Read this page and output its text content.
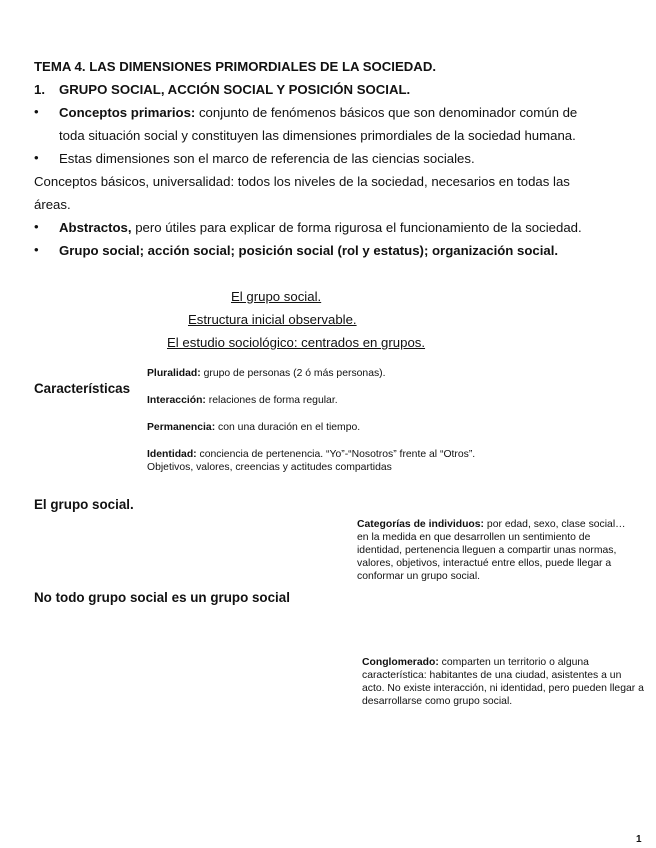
TEMA 4. LAS DIMENSIONES PRIMORDIALES DE LA SOCIEDAD.
1. GRUPO SOCIAL, ACCIÓN SOCIAL Y POSICIÓN SOCIAL.
• Conceptos primarios: conjunto de fenómenos básicos que son denominador común de
toda situación social y constituyen las dimensiones primordiales de la sociedad humana.
• Estas dimensiones son el marco de referencia de las ciencias sociales.
Conceptos básicos, universalidad: todos los niveles de la sociedad, necesarios en todas las
áreas.
• Abstractos, pero útiles para explicar de forma rigurosa el funcionamiento de la sociedad.
• Grupo social; acción social; posición social (rol y estatus); organización social.
El grupo social.
Estructura inicial observable.
El estudio sociológico: centrados en grupos.
Características
Pluralidad: grupo de personas (2 ó más personas).
Interacción: relaciones de forma regular.
Permanencia: con una duración en el tiempo.
Identidad: conciencia de pertenencia. “Yo”-“Nosotros” frente al “Otros”. Objetivos, valores, creencias y actitudes compartidas
El grupo social.
Categorías de individuos: por edad, sexo, clase social… en la medida en que desarrollen un sentimiento de identidad, pertenencia lleguen a compartir unas normas, valores, objetivos, interactué entre ellos, puede llegar a conformar un grupo social.
No todo grupo social es un grupo social
Conglomerado: comparten un territorio o alguna característica: habitantes de una ciudad, asistentes a un acto. No existe interacción, ni identidad, pero pueden llegar a desarrollarse como grupo social.
1
